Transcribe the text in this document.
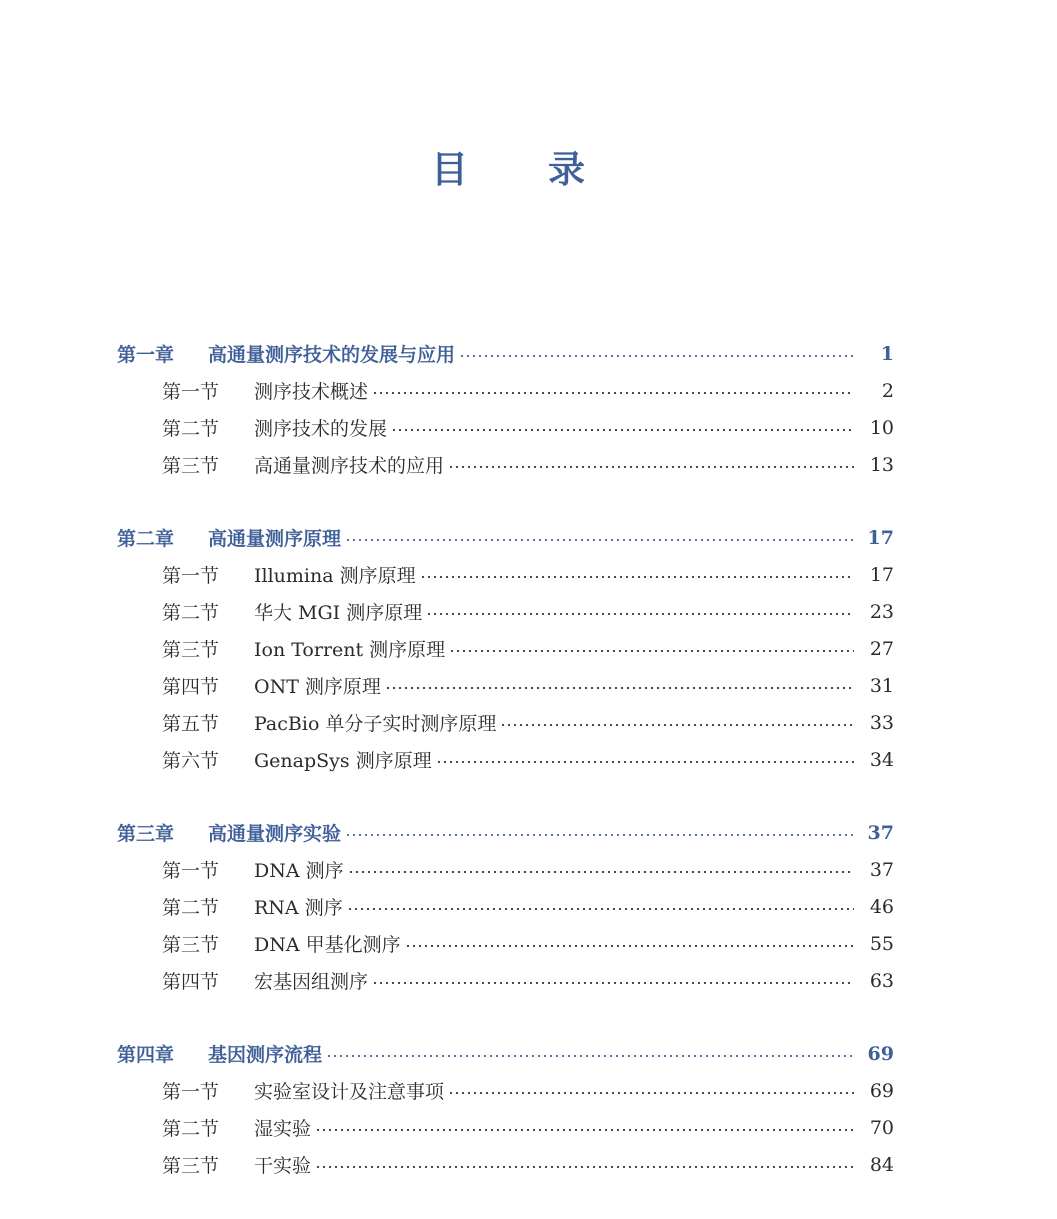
目 录
第一章 高通量测序技术的发展与应用	1
第一节 测序技术概述	2
第二节 测序技术的发展	10
第三节 高通量测序技术的应用	13
第二章 高通量测序原理	17
第一节 Illumina 测序原理	17
第二节 华大 MGI 测序原理	23
第三节 Ion Torrent 测序原理	27
第四节 ONT 测序原理	31
第五节 PacBio 单分子实时测序原理	33
第六节 GenapSys 测序原理	34
第三章 高通量测序实验	37
第一节 DNA 测序	37
第二节 RNA 测序	46
第三节 DNA 甲基化测序	55
第四节 宏基因组测序	63
第四章 基因测序流程	69
第一节 实验室设计及注意事项	69
第二节 湿实验	70
第三节 干实验	84
